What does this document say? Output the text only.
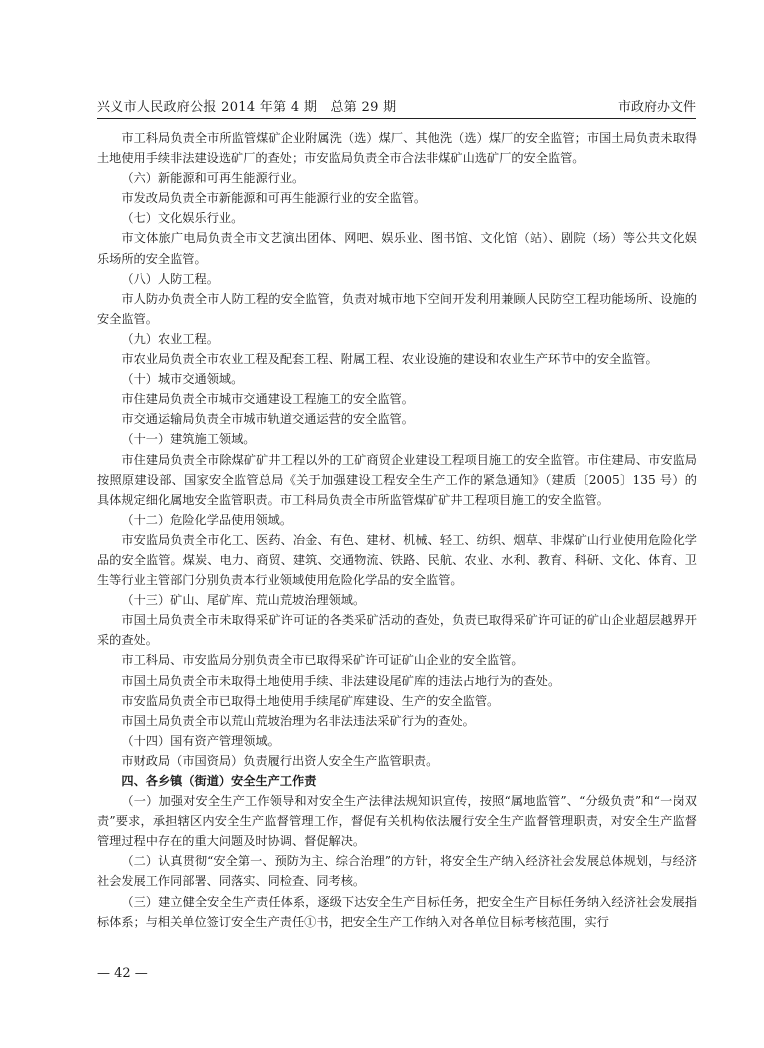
兴义市人民政府公报 2014 年第 4 期　总第 29 期	市政府办文件

市工科局负责全市所监管煤矿企业附属洗（选）煤厂、其他洗（选）煤厂的安全监管；市国土局负责未取得土地使用手续非法建设选矿厂的查处；市安监局负责全市合法非煤矿山选矿厂的安全监管。

（六）新能源和可再生能源行业。

市发改局负责全市新能源和可再生能源行业的安全监管。

（七）文化娱乐行业。

市文体旅广电局负责全市文艺演出团体、网吧、娱乐业、图书馆、文化馆（站）、剧院（场）等公共文化娱乐场所的安全监管。

（八）人防工程。

市人防办负责全市人防工程的安全监管，负责对城市地下空间开发利用兼顾人民防空工程功能场所、设施的安全监管。

（九）农业工程。

市农业局负责全市农业工程及配套工程、附属工程、农业设施的建设和农业生产环节中的安全监管。

（十）城市交通领域。

市住建局负责全市城市交通建设工程施工的安全监管。

市交通运输局负责全市城市轨道交通运营的安全监管。

（十一）建筑施工领域。

市住建局负责全市除煤矿矿井工程以外的工矿商贸企业建设工程项目施工的安全监管。市住建局、市安监局按照原建设部、国家安全监管总局《关于加强建设工程安全生产工作的紧急通知》（建质〔2005〕135 号）的具体规定细化属地安全监管职责。市工科局负责全市所监管煤矿矿井工程项目施工的安全监管。

（十二）危险化学品使用领域。

市安监局负责全市化工、医药、冶金、有色、建材、机械、轻工、纺织、烟草、非煤矿山行业使用危险化学品的安全监管。煤炭、电力、商贸、建筑、交通物流、铁路、民航、农业、水利、教育、科研、文化、体育、卫生等行业主管部门分别负责本行业领域使用危险化学品的安全监管。

（十三）矿山、尾矿库、荒山荒坡治理领域。

市国土局负责全市未取得采矿许可证的各类采矿活动的查处，负责已取得采矿许可证的矿山企业超层越界开采的查处。

市工科局、市安监局分别负责全市已取得采矿许可证矿山企业的安全监管。

市国土局负责全市未取得土地使用手续、非法建设尾矿库的违法占地行为的查处。

市安监局负责全市已取得土地使用手续尾矿库建设、生产的安全监管。

市国土局负责全市以荒山荒坡治理为名非法违法采矿行为的查处。

（十四）国有资产管理领域。

市财政局（市国资局）负责履行出资人安全生产监管职责。

四、各乡镇（街道）安全生产工作责

（一）加强对安全生产工作领导和对安全生产法律法规知识宣传，按照“属地监管”、“分级负责”和“一岗双责”要求，承担辖区内安全生产监督管理工作，督促有关机构依法履行安全生产监督管理职责，对安全生产监督管理过程中存在的重大问题及时协调、督促解决。

（二）认真贯彻“安全第一、预防为主、综合治理”的方针，将安全生产纳入经济社会发展总体规划，与经济社会发展工作同部署、同落实、同检查、同考核。

（三）建立健全安全生产责任体系，逐级下达安全生产目标任务，把安全生产目标任务纳入经济社会发展指标体系；与相关单位签订安全生产责任①书，把安全生产工作纳入对各单位目标考核范围，实行

— 42 —
